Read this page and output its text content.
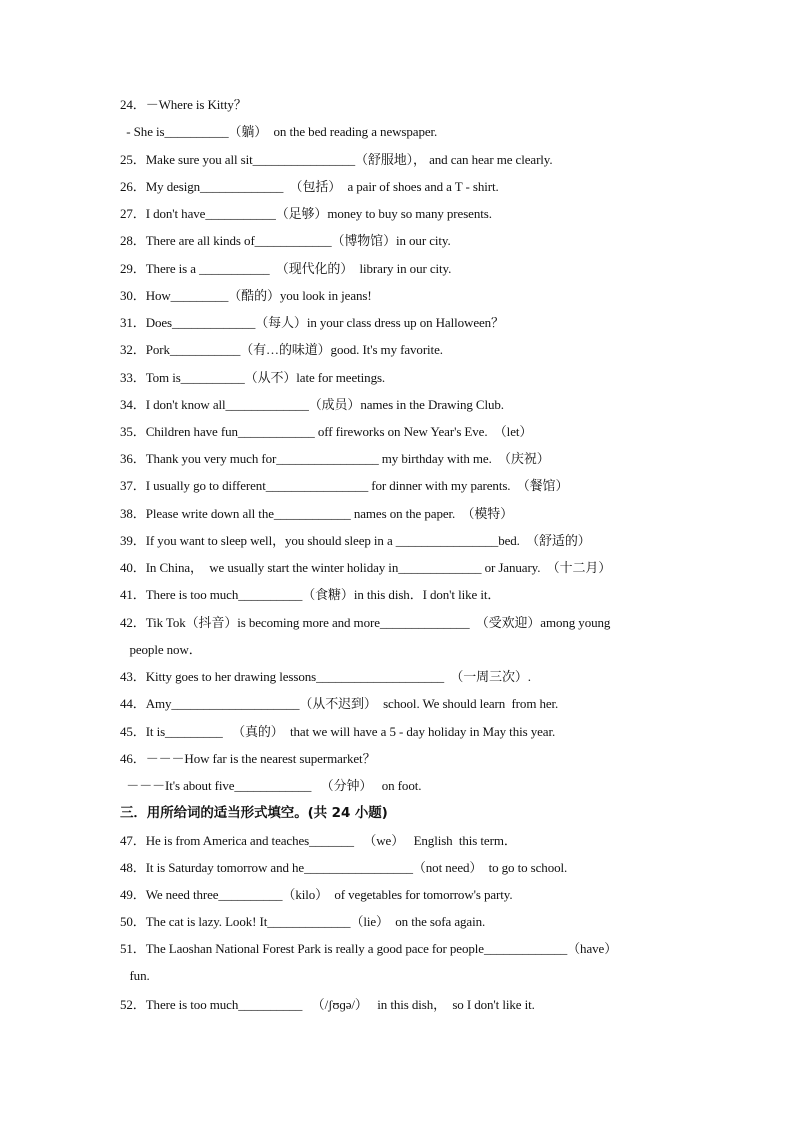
24．－Where is Kitty？
- She is__________（躺）  on the bed reading a newspaper.
25．Make sure you all sit________________（舒服地）， and can hear me clearly.
26．My design_____________  （包括）  a pair of shoes and a T - shirt.
27．I don't have___________（足够）money to buy so many presents.
28．There are all kinds of____________（博物馆）in our city.
29．There is a ___________  （现代化的）  library in our city.
30．How_________（酷的）you look in jeans!
31．Does_____________（每人）in your class dress up on Halloween？
32．Pork___________（有…的味道）good. It's my favorite.
33．Tom is__________（从不）late for meetings.
34．I don't know all_____________（成员）names in the Drawing Club.
35．Children have fun____________ off fireworks on New Year's Eve.  （let）
36．Thank you very much for________________ my birthday with me.  （庆祝）
37．I usually go to different________________ for dinner with my parents.  （餐馆）
38．Please write down all the____________ names on the paper.  （模特）
39．If you want to sleep well，you should sleep in a ________________bed.  （舒适的）
40．In China，  we usually start the winter holiday in_____________ or January.  （十二月）
41．There is too much__________（食糖）in this dish．I don't like it．
42．Tik Tok（抖音）is becoming more and more______________  （受欢迎）among young
people now．
43．Kitty goes to her drawing lessons____________________  （一周三次）.
44．Amy____________________（从不迟到）  school. We should learn  from her.
45．It is_________   （真的）  that we will have a 5 - day holiday in May this year.
46．－－－How far is the nearest supermarket？
－－－It's about five____________   （分钟）   on foot.
三．用所给词的适当形式填空。(共 24 小题)
47．He is from America and teaches_______   （we）   English  this term．
48．It is Saturday tomorrow and he_________________（not need）  to go to school.
49．We need three__________（kilo）  of vegetables for tomorrow's party.
50．The cat is lazy. Look! It_____________（lie）  on the sofa again.
51．The Laoshan National Forest Park is really a good pace for people_____________（have）
fun.
52．There is too much__________   （/ʃʊɡə/）   in this dish，  so I don't like it.
